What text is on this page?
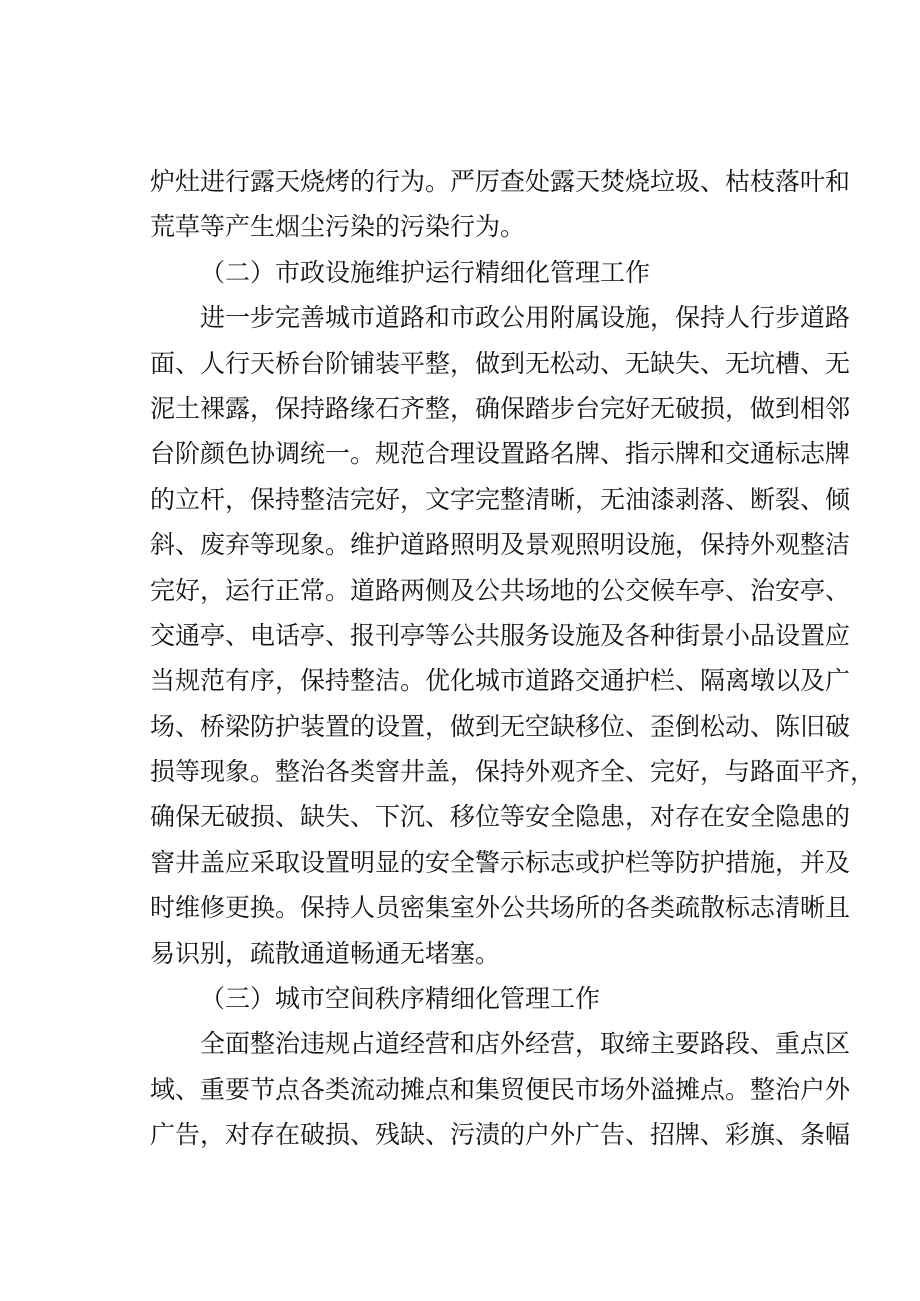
炉灶进行露天烧烤的行为。严厉查处露天焚烧垃圾、枯枝落叶和
荒草等产生烟尘污染的污染行为。
（二）市政设施维护运行精细化管理工作
进一步完善城市道路和市政公用附属设施，保持人行步道路
面、人行天桥台阶铺装平整，做到无松动、无缺失、无坑槽、无
泥土裸露，保持路缘石齐整，确保踏步台完好无破损，做到相邻
台阶颜色协调统一。规范合理设置路名牌、指示牌和交通标志牌
的立杆，保持整洁完好，文字完整清晰，无油漆剥落、断裂、倾
斜、废弃等现象。维护道路照明及景观照明设施，保持外观整洁
完好，运行正常。道路两侧及公共场地的公交候车亭、治安亭、
交通亭、电话亭、报刊亭等公共服务设施及各种街景小品设置应
当规范有序，保持整洁。优化城市道路交通护栏、隔离墩以及广
场、桥梁防护装置的设置，做到无空缺移位、歪倒松动、陈旧破
损等现象。整治各类窨井盖，保持外观齐全、完好，与路面平齐，
确保无破损、缺失、下沉、移位等安全隐患，对存在安全隐患的
窨井盖应采取设置明显的安全警示标志或护栏等防护措施，并及
时维修更换。保持人员密集室外公共场所的各类疏散标志清晰且
易识别，疏散通道畅通无堵塞。
（三）城市空间秩序精细化管理工作
全面整治违规占道经营和店外经营，取缔主要路段、重点区
域、重要节点各类流动摊点和集贸便民市场外溢摊点。整治户外
广告，对存在破损、残缺、污渍的户外广告、招牌、彩旗、条幅
